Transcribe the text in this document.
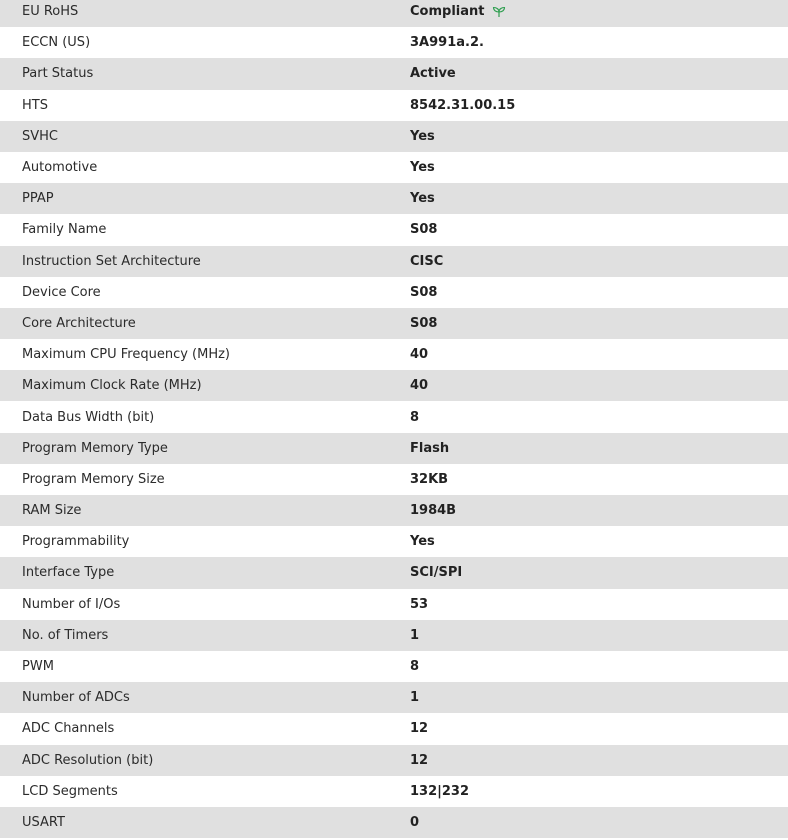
EU RoHS	Compliant
ECCN (US)	3A991a.2.
Part Status	Active
HTS	8542.31.00.15
SVHC	Yes
Automotive	Yes
PPAP	Yes
Family Name	S08
Instruction Set Architecture	CISC
Device Core	S08
Core Architecture	S08
Maximum CPU Frequency (MHz)	40
Maximum Clock Rate (MHz)	40
Data Bus Width (bit)	8
Program Memory Type	Flash
Program Memory Size	32KB
RAM Size	1984B
Programmability	Yes
Interface Type	SCI/SPI
Number of I/Os	53
No. of Timers	1
PWM	8
Number of ADCs	1
ADC Channels	12
ADC Resolution (bit)	12
LCD Segments	132|232
USART	0
